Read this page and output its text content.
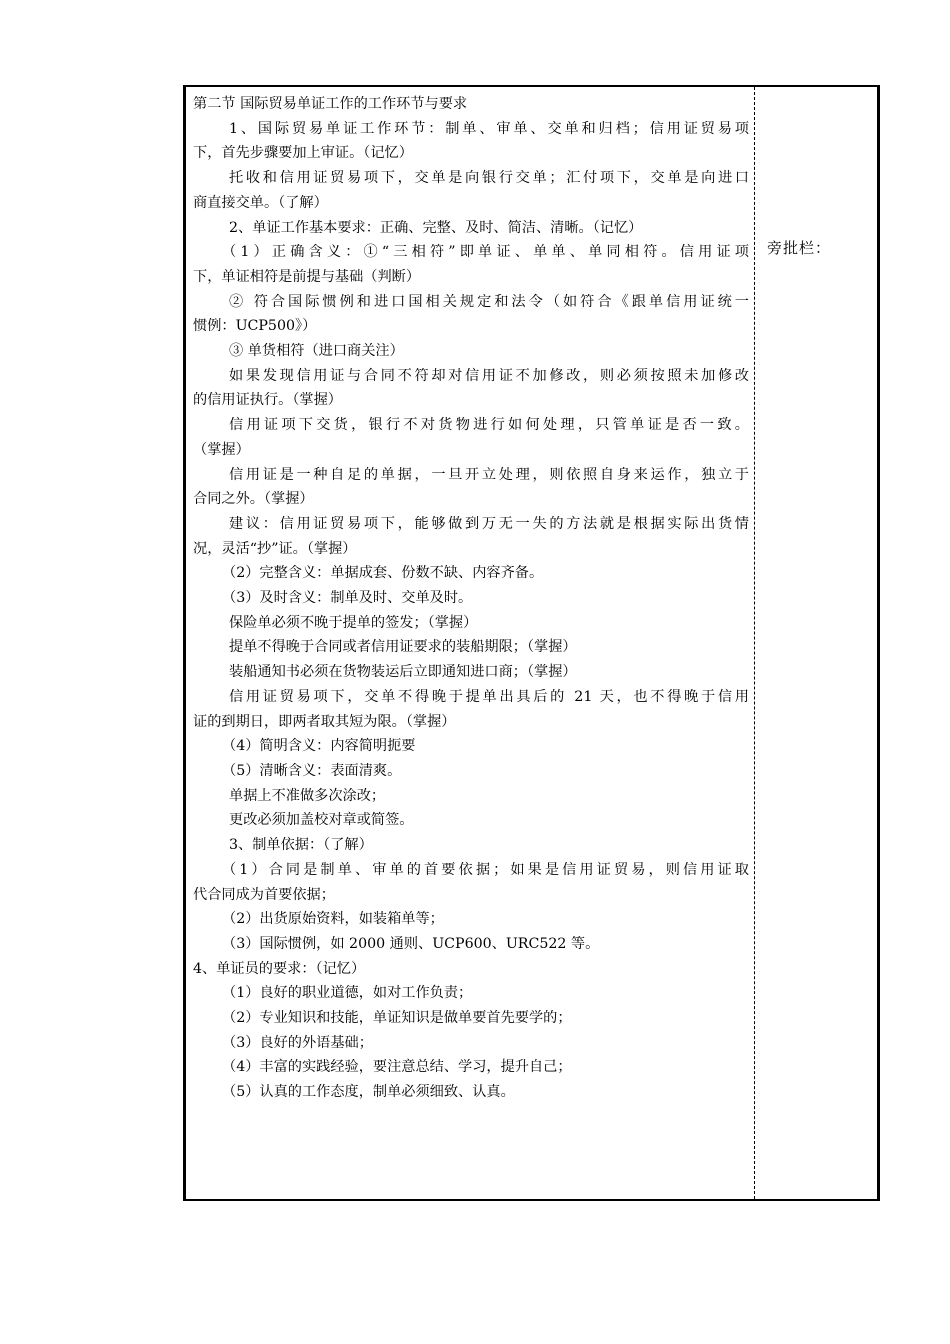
第二节 国际贸易单证工作的工作环节与要求
1、国际贸易单证工作环节：制单、审单、交单和归档；信用证贸易项
下，首先步骤要加上审证。（记忆）
托收和信用证贸易项下，交单是向银行交单；汇付项下，交单是向进口
商直接交单。（了解）
2、单证工作基本要求：正确、完整、及时、简洁、清晰。（记忆）
（1）正确含义：①“三相符”即单证、单单、单同相符。信用证项
下，单证相符是前提与基础（判断）
② 符合国际惯例和进口国相关规定和法令（如符合《跟单信用证统一
惯例：UCP500》）
③ 单货相符（进口商关注）
如果发现信用证与合同不符却对信用证不加修改，则必须按照未加修改
的信用证执行。（掌握）
信用证项下交货，银行不对货物进行如何处理，只管单证是否一致。
（掌握）
信用证是一种自足的单据，一旦开立处理，则依照自身来运作，独立于
合同之外。（掌握）
建议：信用证贸易项下，能够做到万无一失的方法就是根据实际出货情
况，灵活“抄”证。（掌握）
（2）完整含义：单据成套、份数不缺、内容齐备。
（3）及时含义：制单及时、交单及时。
保险单必须不晚于提单的签发；（掌握）
提单不得晚于合同或者信用证要求的装船期限；（掌握）
装船通知书必须在货物装运后立即通知进口商；（掌握）
信用证贸易项下，交单不得晚于提单出具后的 21 天，也不得晚于信用
证的到期日，即两者取其短为限。（掌握）
（4）简明含义：内容简明扼要
（5）清晰含义：表面清爽。
单据上不准做多次涂改；
更改必须加盖校对章或简签。
3、制单依据：（了解）
（1）合同是制单、审单的首要依据；如果是信用证贸易，则信用证取
代合同成为首要依据；
（2）出货原始资料，如装箱单等；
（3）国际惯例，如 2000 通则、UCP600、URC522 等。
4、单证员的要求：（记忆）
（1）良好的职业道德，如对工作负责；
（2）专业知识和技能，单证知识是做单要首先要学的；
（3）良好的外语基础；
（4）丰富的实践经验，要注意总结、学习，提升自己；
（5）认真的工作态度，制单必须细致、认真。
旁批栏：
